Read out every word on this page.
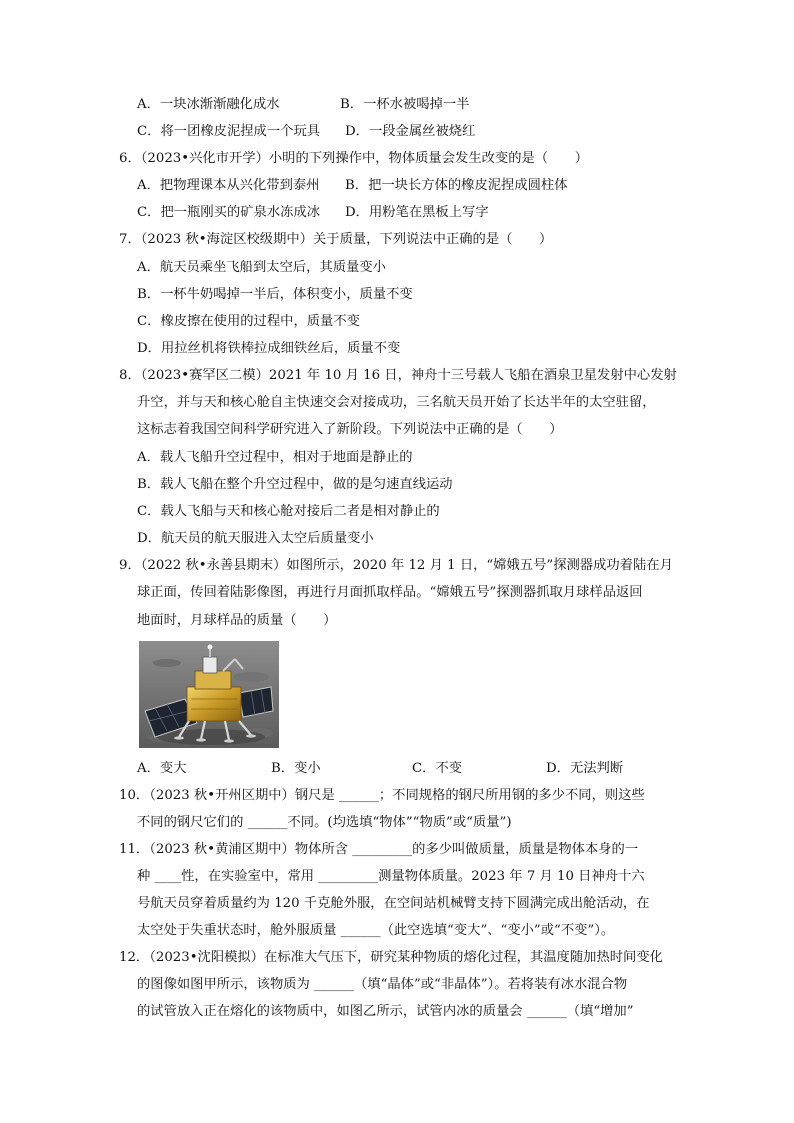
A．一块冰渐渐融化成水	B．一杯水被喝掉一半
C．将一团橡皮泥捏成一个玩具 D．一段金属丝被烧红
6．（2023•兴化市开学）小明的下列操作中，物体质量会发生改变的是（　　）
A．把物理课本从兴化带到泰州 B．把一块长方体的橡皮泥捏成圆柱体
C．把一瓶刚买的矿泉水冻成冰 D．用粉笔在黑板上写字
7．（2023 秋•海淀区校级期中）关于质量，下列说法中正确的是（　　）
A．航天员乘坐飞船到太空后，其质量变小
B．一杯牛奶喝掉一半后，体积变小，质量不变
C．橡皮擦在使用的过程中，质量不变
D．用拉丝机将铁棒拉成细铁丝后，质量不变
8．（2023•赛罕区二模）2021 年 10 月 16 日，神舟十三号载人飞船在酒泉卫星发射中心发射
升空，并与天和核心舱自主快速交会对接成功，三名航天员开始了长达半年的太空驻留，
这标志着我国空间科学研究进入了新阶段。下列说法中正确的是（　　）
A．载人飞船升空过程中，相对于地面是静止的
B．载人飞船在整个升空过程中，做的是匀速直线运动
C．载人飞船与天和核心舱对接后二者是相对静止的
D．航天员的航天服进入太空后质量变小
9．（2022 秋•永善县期末）如图所示，2020 年 12 月 1 日，“嫦娥五号”探测器成功着陆在月
球正面，传回着陆影像图，再进行月面抓取样品。“嫦娥五号”探测器抓取月球样品返回
地面时，月球样品的质量（　　）
A．变大	B．变小	C．不变	D．无法判断
10．（2023 秋•开州区期中）钢尺是 ______；不同规格的钢尺所用钢的多少不同，则这些
不同的钢尺它们的 ______不同。(均选填“物体”“物质”或“质量”)
11．（2023 秋•黄浦区期中）物体所含 _________的多少叫做质量，质量是物体本身的一
种 ____性，在实验室中，常用 _________测量物体质量。2023 年 7 月 10 日神舟十六
号航天员穿着质量约为 120 千克舱外服，在空间站机械臂支持下圆满完成出舱活动，在
太空处于失重状态时，舱外服质量 ______（此空选填“变大”、“变小”或“不变”）。
12．（2023•沈阳模拟）在标准大气压下，研究某种物质的熔化过程，其温度随加热时间变化
的图像如图甲所示，该物质为 ______（填“晶体”或“非晶体”）。若将装有冰水混合物
的试管放入正在熔化的该物质中，如图乙所示，试管内冰的质量会 ______（填“增加”
